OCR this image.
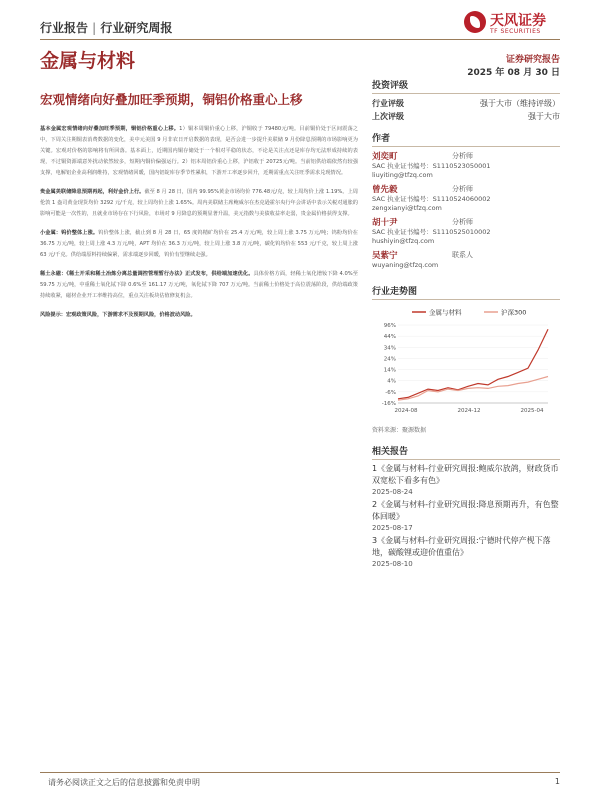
行业报告 | 行业研究周报	天风证券
TF SECURITIES
金属与材料	证券研究报告
2025 年 08 月 30 日
宏观情绪向好叠加旺季预期，铜铝价格重心上移

基本金属宏观情绪向好叠加旺季预期，铜铝价格重心上移。1）铜本周铜价重心上移，沪铜收于 79480元/吨。目前铜价处于区间震荡之中，下周关注期铜表消费数据的变化，美中元美国 9 月非农日开启数据的表现，是否会进一步提升美联储 9 月份降息预期的市场影响更为关键。宏观对价格的影响将有所回落。基本面上，近期国内铜存储处于一个相对平稳的状态，不论是关注点还是库存均无法形成持续的表现，不过铜资源端意外扰动依然较多，短期内铜价偏强运行。2）铝本周铝价重心上移，沪铝收于 20725元/吨。当前铝供给端依然有较强支撑，电解铝企业高利润维持，宏观情绪回暖，国内铝锭库存季节性累积，下游开工率逐步回升，近期需重点关注旺季需求兑现情况。

贵金属美联储降息预期再起，利好金价上行。截至 8 月 28 日，国内 99.95%黄金市场均价 776.48元/克，较上周均价上涨 1.19%。上周伦敦 1 盎司黄金现货均价 3292 元/千克，较上周均价上涨 1.65%。周内美联储主席鲍威尔在杰克逊霍尔央行年会讲话中表示关税对通胀的影响可能是一次性的，且就业市场存在下行风险，市场对 9 月降息的预期显著升温，美元指数与美债收益率走弱，贵金属价格获得支撑。

小金属：钨价整体上涨。钨价整体上涨，截止到 8 月 28 日，65 度钨精矿均价在 25.4 万元/吨，较上周上涨 3.75 万元/吨；钨粉均价在 36.75 万元/吨，较上周上涨 4.3 万元/吨，APT 均价在 36.3 万元/吨，较上周上涨 3.8 万元/吨，碳化钨均价在 553 元/千克，较上周上涨 63 元/千克。供给端原料持续偏紧，需求端逐步回暖，钨价有望继续走强。

稀土永磁：《稀土开采和稀土冶炼分离总量调控管理暂行办法》正式发布，供给端加速优化。具体价格方面，轻稀土氧化镨钕下降 4.0%至 59.75 万元/吨，中重稀土氧化铽下降 0.6%至 161.17 万元/吨，氧化铽下降 707 万元/吨。当前稀土价格处于高位震荡阶段，供给端政策持续收紧，磁材企业开工率维持高位，重点关注板块估值修复机会。

风险提示：宏观政策风险，下游需求不及预期风险，价格波动风险。

投资评级
行业评级	强于大市（维持评级）
上次评级	强于大市
作者
刘奕町	分析师
SAC 执业证书编号：S1110523050001
liuyiting@tfzq.com
曾先毅	分析师
SAC 执业证书编号：S1110524060002
zengxianyi@tfzq.com
胡十尹	分析师
SAC 执业证书编号：S1110525010002
hushiyin@tfzq.com
吴紫宁	联系人
wuyaning@tfzq.com
行业走势图
金属与材料	沪深300
-16%
-6%
4%
14%
24%
34%
44%
96%
2024-08	2024-12	2025-04
资料来源：聚源数据
相关报告
1《金属与材料-行业研究周报:鲍威尔放鸽，财政货币双宽松下看多有色》
2025-08-24
2《金属与材料-行业研究周报:降息预期再升，有色整体回暖》
2025-08-17
3《金属与材料-行业研究周报:宁德时代停产枧下落地，碳酸锂或迎价值重估》
2025-08-10
请务必阅读正文之后的信息披露和免责申明	1
